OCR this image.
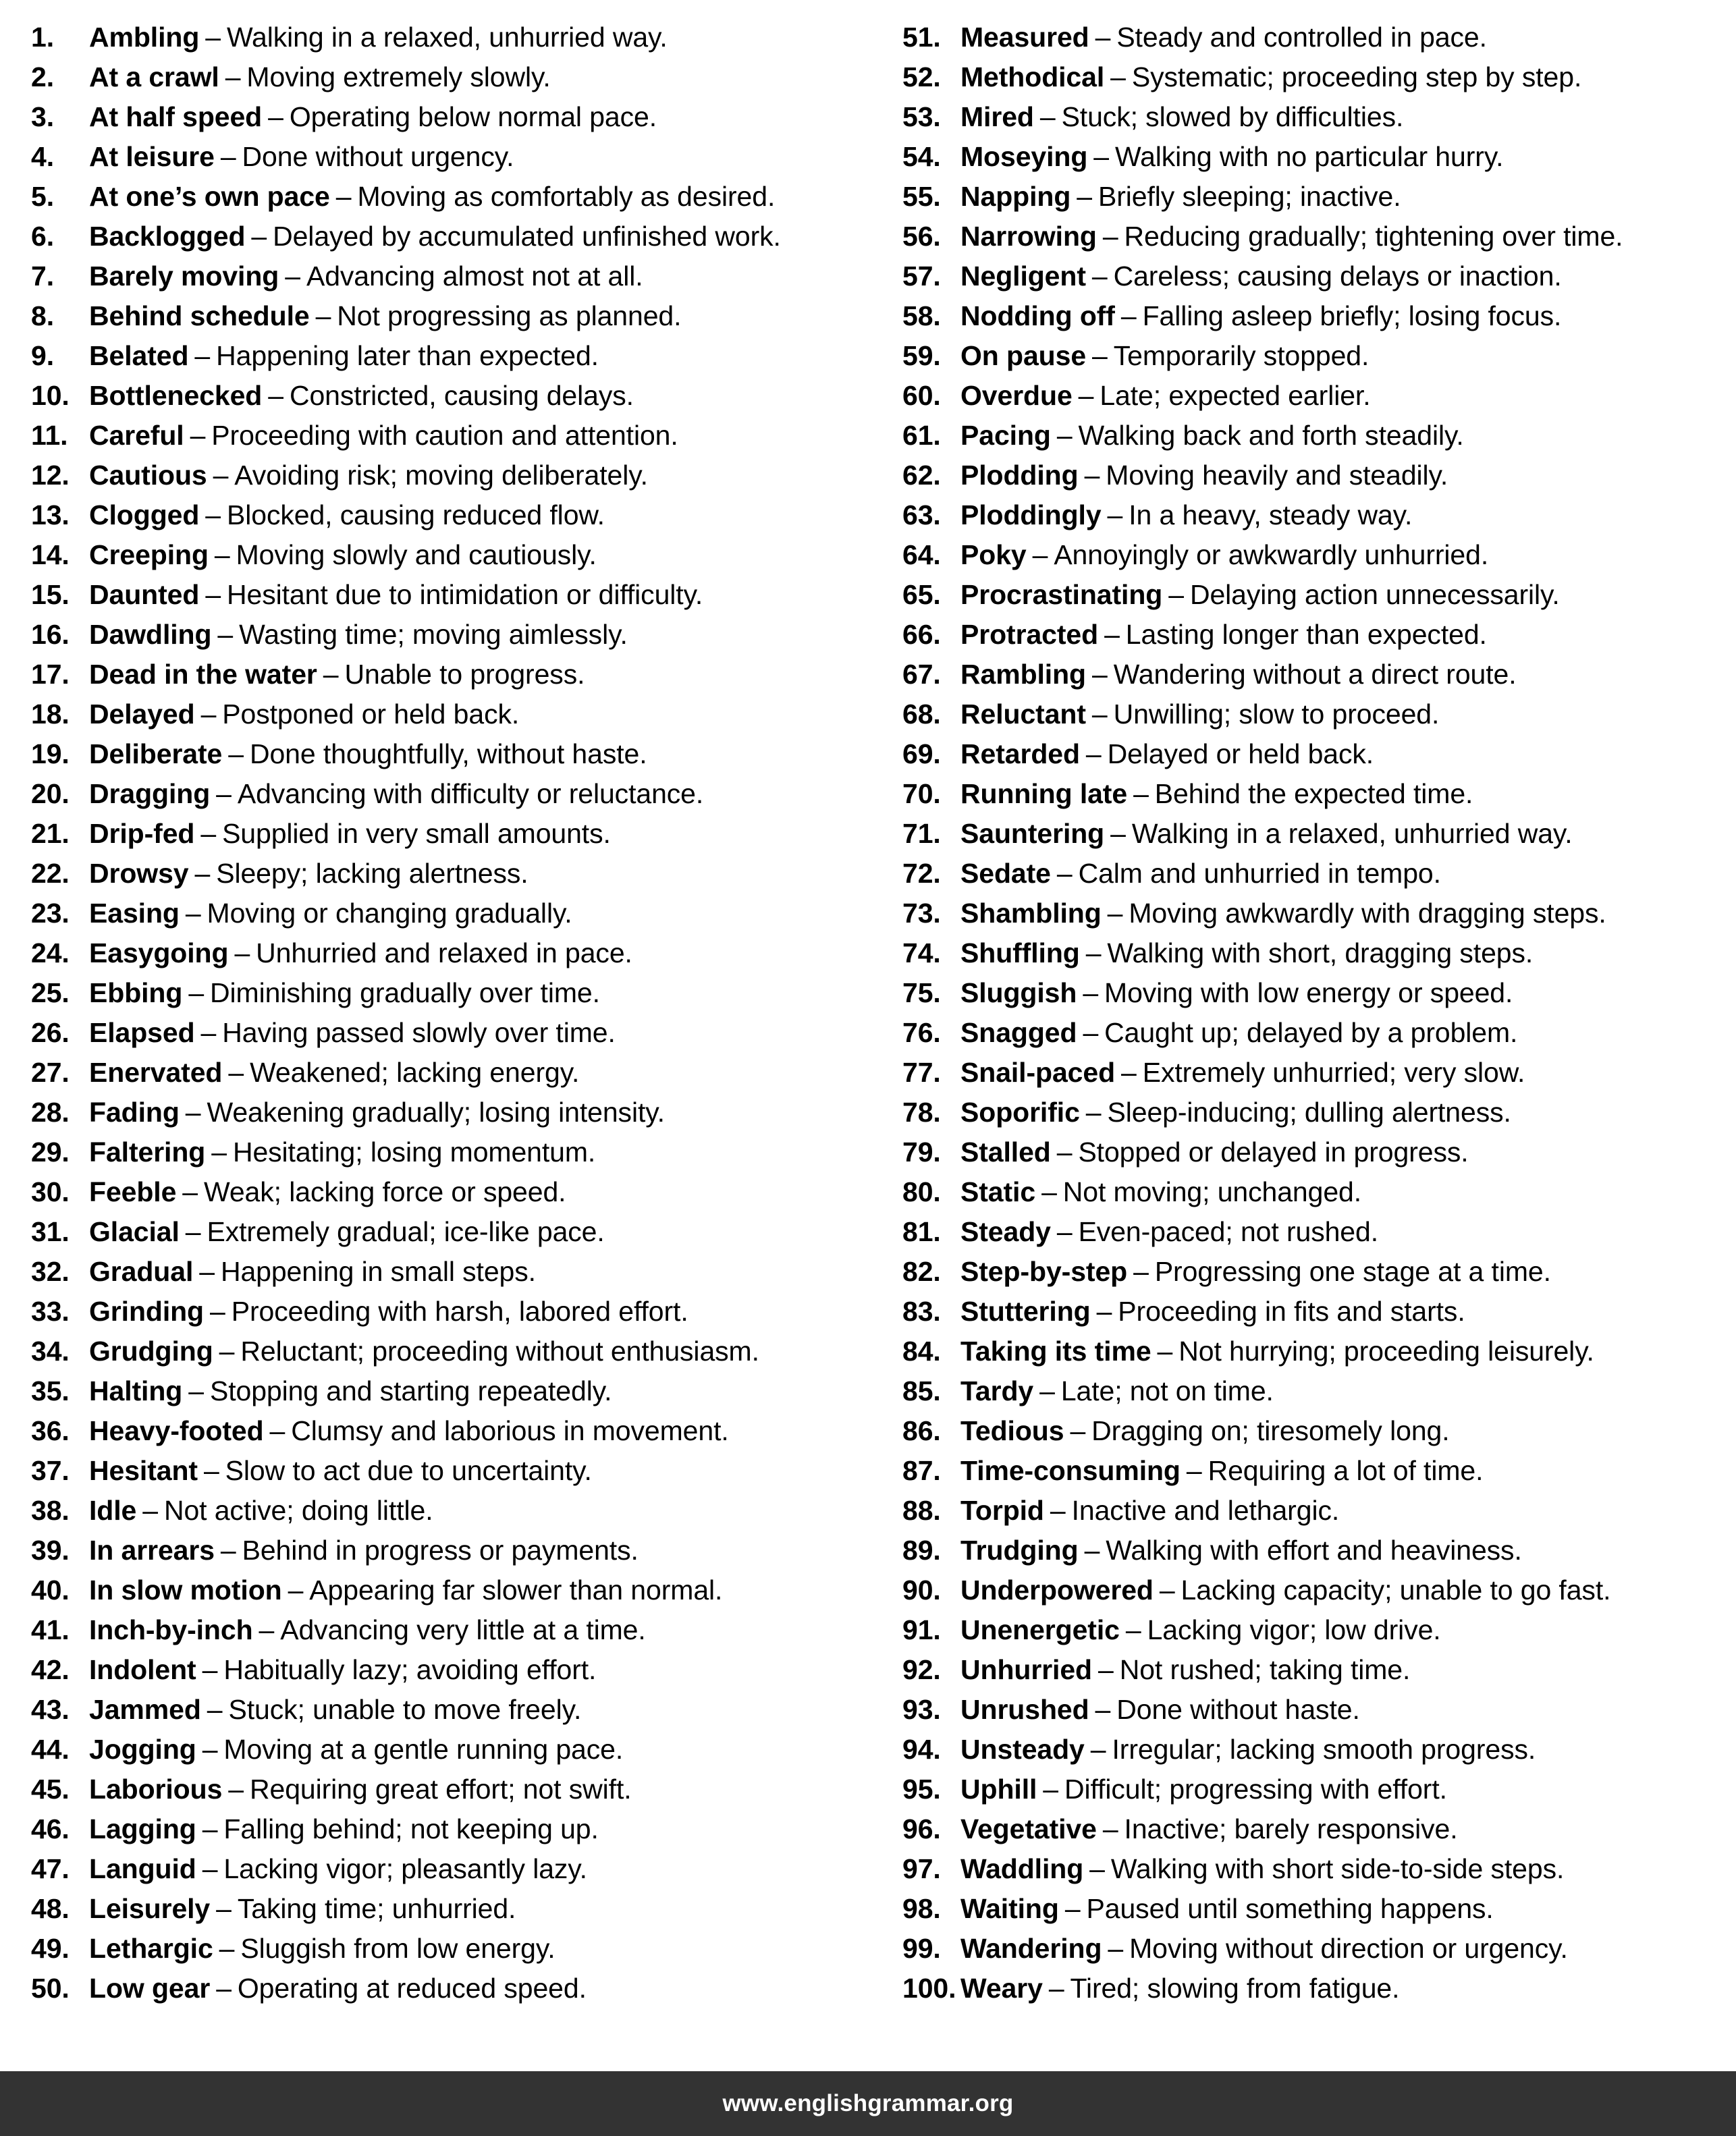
1.	Ambling – Walking in a relaxed, unhurried way.
2.	At a crawl – Moving extremely slowly.
3.	At half speed – Operating below normal pace.
4.	At leisure – Done without urgency.
5.	At one’s own pace – Moving as comfortably as desired.
6.	Backlogged – Delayed by accumulated unfinished work.
7.	Barely moving – Advancing almost not at all.
8.	Behind schedule – Not progressing as planned.
9.	Belated – Happening later than expected.
10. Bottlenecked – Constricted, causing delays.
11. Careful – Proceeding with caution and attention.
12. Cautious – Avoiding risk; moving deliberately.
13. Clogged – Blocked, causing reduced flow.
14. Creeping – Moving slowly and cautiously.
15. Daunted – Hesitant due to intimidation or difficulty.
16. Dawdling – Wasting time; moving aimlessly.
17. Dead in the water – Unable to progress.
18. Delayed – Postponed or held back.
19. Deliberate – Done thoughtfully, without haste.
20. Dragging – Advancing with difficulty or reluctance.
21. Drip-fed – Supplied in very small amounts.
22. Drowsy – Sleepy; lacking alertness.
23. Easing – Moving or changing gradually.
24. Easygoing – Unhurried and relaxed in pace.
25. Ebbing – Diminishing gradually over time.
26. Elapsed – Having passed slowly over time.
27. Enervated – Weakened; lacking energy.
28. Fading – Weakening gradually; losing intensity.
29. Faltering – Hesitating; losing momentum.
30. Feeble – Weak; lacking force or speed.
31. Glacial – Extremely gradual; ice-like pace.
32. Gradual – Happening in small steps.
33. Grinding – Proceeding with harsh, labored effort.
34. Grudging – Reluctant; proceeding without enthusiasm.
35. Halting – Stopping and starting repeatedly.
36. Heavy-footed – Clumsy and laborious in movement.
37. Hesitant – Slow to act due to uncertainty.
38. Idle – Not active; doing little.
39. In arrears – Behind in progress or payments.
40. In slow motion – Appearing far slower than normal.
41. Inch-by-inch – Advancing very little at a time.
42. Indolent – Habitually lazy; avoiding effort.
43. Jammed – Stuck; unable to move freely.
44. Jogging – Moving at a gentle running pace.
45. Laborious – Requiring great effort; not swift.
46. Lagging – Falling behind; not keeping up.
47. Languid – Lacking vigor; pleasantly lazy.
48. Leisurely – Taking time; unhurried.
49. Lethargic – Sluggish from low energy.
50. Low gear – Operating at reduced speed.
51. Measured – Steady and controlled in pace.
52. Methodical – Systematic; proceeding step by step.
53. Mired – Stuck; slowed by difficulties.
54. Moseying – Walking with no particular hurry.
55. Napping – Briefly sleeping; inactive.
56. Narrowing – Reducing gradually; tightening over time.
57. Negligent – Careless; causing delays or inaction.
58. Nodding off – Falling asleep briefly; losing focus.
59. On pause – Temporarily stopped.
60. Overdue – Late; expected earlier.
61. Pacing – Walking back and forth steadily.
62. Plodding – Moving heavily and steadily.
63. Ploddingly – In a heavy, steady way.
64. Poky – Annoyingly or awkwardly unhurried.
65. Procrastinating – Delaying action unnecessarily.
66. Protracted – Lasting longer than expected.
67. Rambling – Wandering without a direct route.
68. Reluctant – Unwilling; slow to proceed.
69. Retarded – Delayed or held back.
70. Running late – Behind the expected time.
71. Sauntering – Walking in a relaxed, unhurried way.
72. Sedate – Calm and unhurried in tempo.
73. Shambling – Moving awkwardly with dragging steps.
74. Shuffling – Walking with short, dragging steps.
75. Sluggish – Moving with low energy or speed.
76. Snagged – Caught up; delayed by a problem.
77. Snail-paced – Extremely unhurried; very slow.
78. Soporific – Sleep-inducing; dulling alertness.
79. Stalled – Stopped or delayed in progress.
80. Static – Not moving; unchanged.
81. Steady – Even-paced; not rushed.
82. Step-by-step – Progressing one stage at a time.
83. Stuttering – Proceeding in fits and starts.
84. Taking its time – Not hurrying; proceeding leisurely.
85. Tardy – Late; not on time.
86. Tedious – Dragging on; tiresomely long.
87. Time-consuming – Requiring a lot of time.
88. Torpid – Inactive and lethargic.
89. Trudging – Walking with effort and heaviness.
90. Underpowered – Lacking capacity; unable to go fast.
91. Unenergetic – Lacking vigor; low drive.
92. Unhurried – Not rushed; taking time.
93. Unrushed – Done without haste.
94. Unsteady – Irregular; lacking smooth progress.
95. Uphill – Difficult; progressing with effort.
96. Vegetative – Inactive; barely responsive.
97. Waddling – Walking with short side-to-side steps.
98. Waiting – Paused until something happens.
99. Wandering – Moving without direction or urgency.
100. Weary – Tired; slowing from fatigue.
www.englishgrammar.org
